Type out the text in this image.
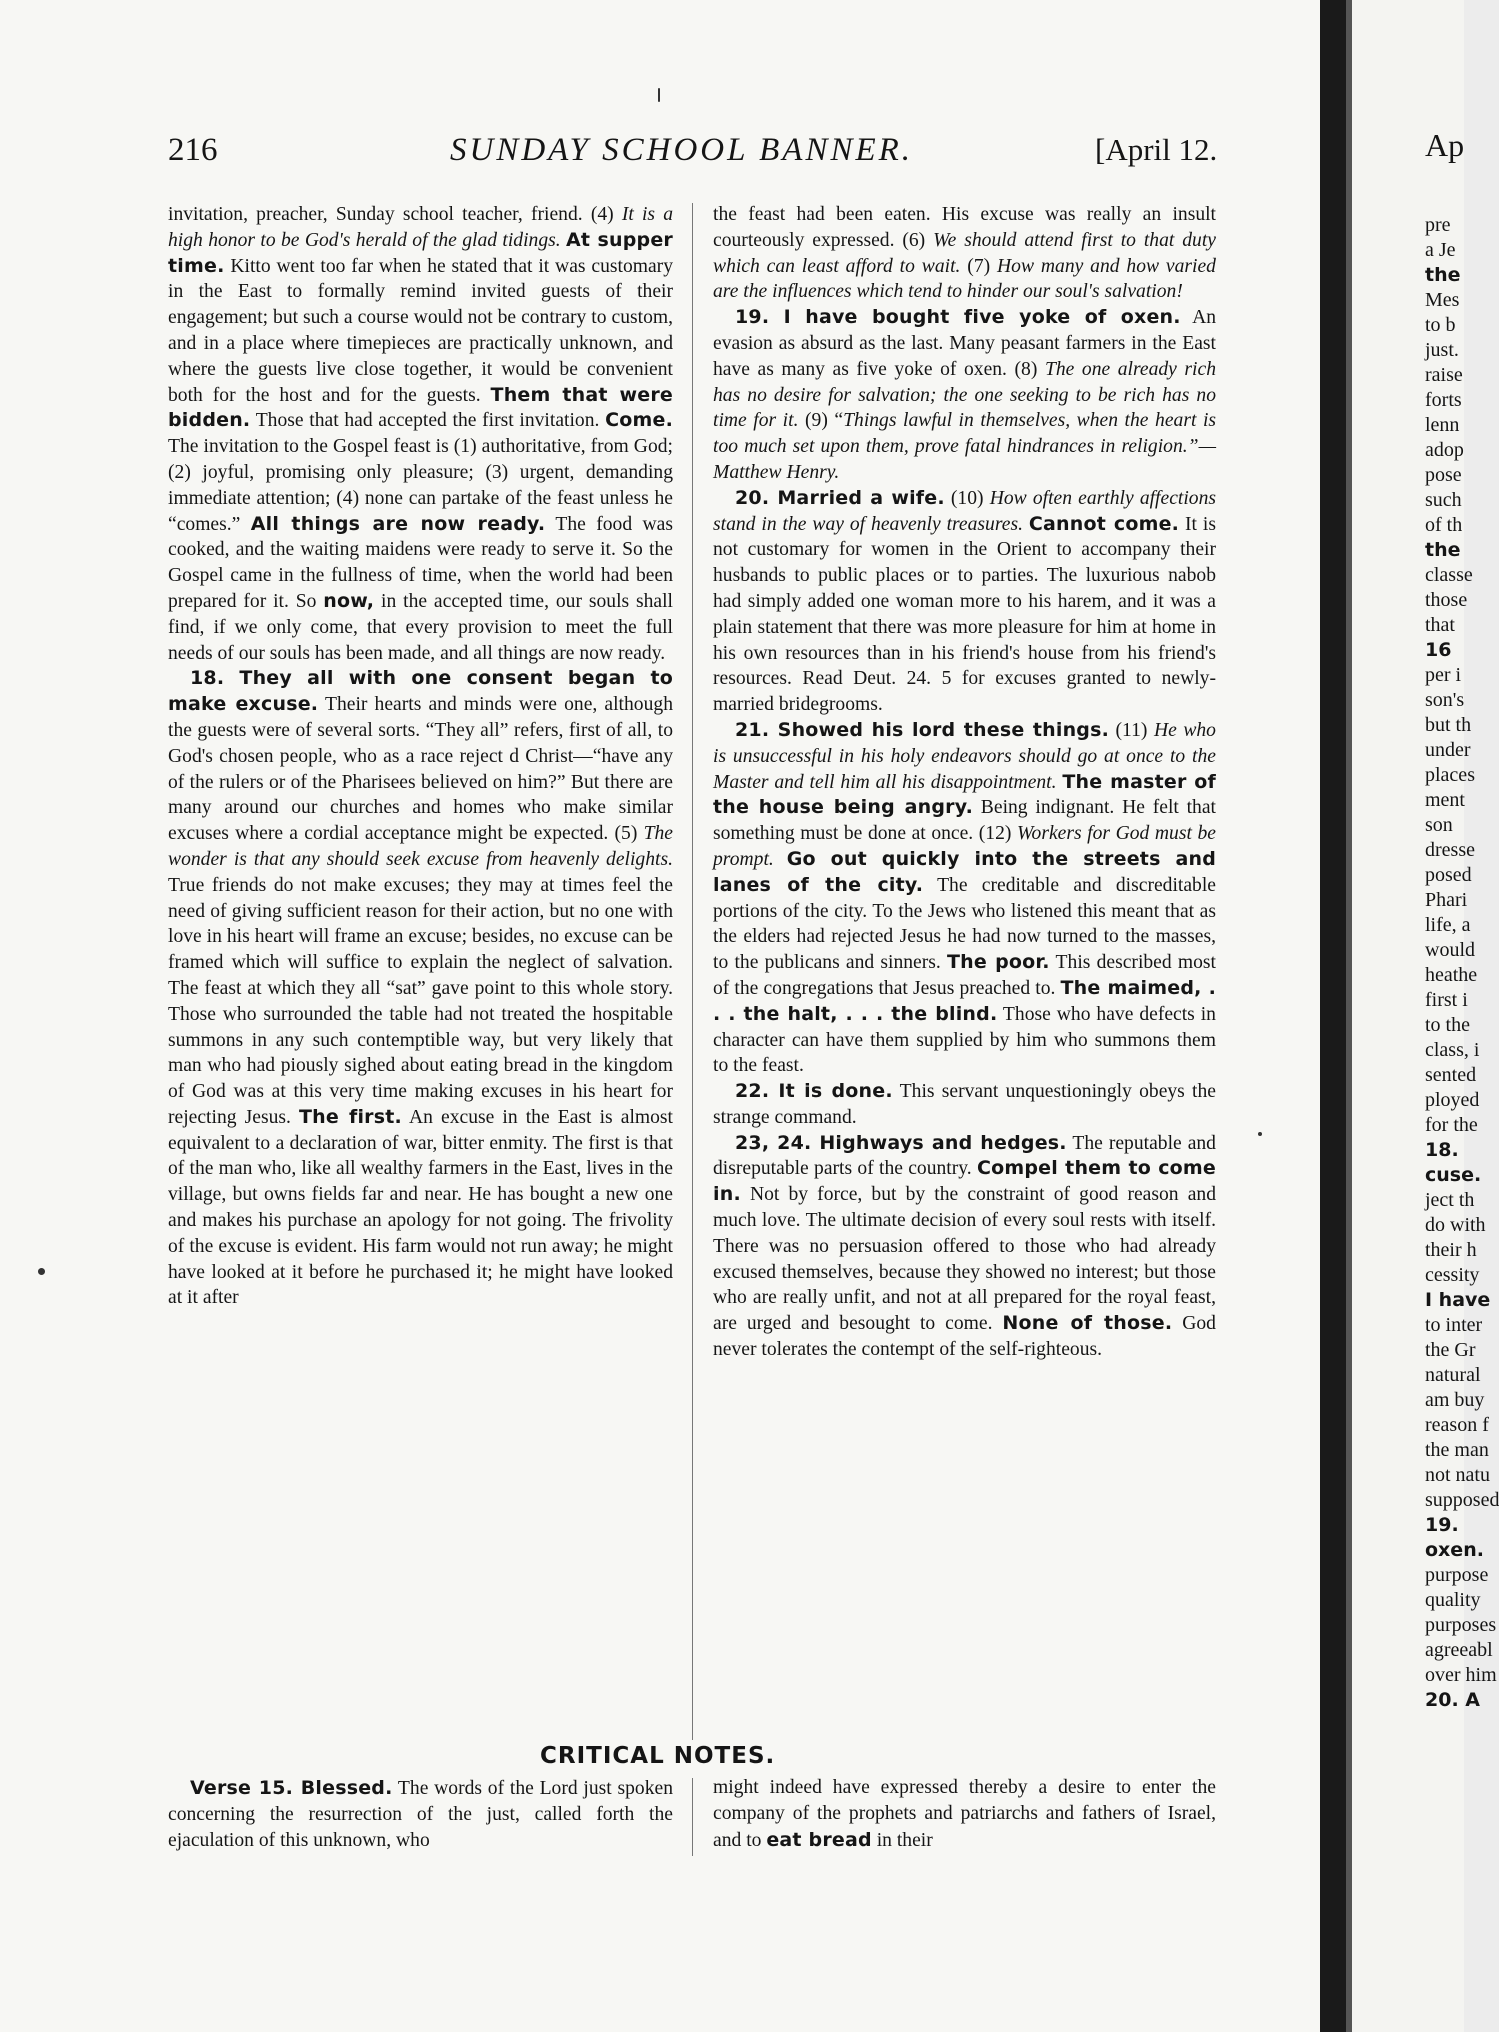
216	SUNDAY SCHOOL BANNER.	[April 12.

invitation, preacher, Sunday school teacher, friend. (4) It is a high honor to be God's herald of the glad tidings. At supper time. Kitto went too far when he stated that it was customary in the East to formally remind invited guests of their engagement; but such a course would not be contrary to custom, and in a place where timepieces are practically unknown, and where the guests live close together, it would be convenient both for the host and for the guests. Them that were bidden. Those that had accepted the first invitation. Come. The invitation to the Gospel feast is (1) authoritative, from God; (2) joyful, promising only pleasure; (3) urgent, demanding immediate attention; (4) none can partake of the feast unless he “comes.” All things are now ready. The food was cooked, and the waiting maidens were ready to serve it. So the Gospel came in the fullness of time, when the world had been prepared for it. So now, in the accepted time, our souls shall find, if we only come, that every provision to meet the full needs of our souls has been made, and all things are now ready.

18. They all with one consent began to make excuse. Their hearts and minds were one, although the guests were of several sorts. “They all” refers, first of all, to God's chosen people, who as a race reject d Christ—“have any of the rulers or of the Pharisees believed on him?” But there are many around our churches and homes who make similar excuses where a cordial acceptance might be expected. (5) The wonder is that any should seek excuse from heavenly delights. True friends do not make excuses; they may at times feel the need of giving sufficient reason for their action, but no one with love in his heart will frame an excuse; besides, no excuse can be framed which will suffice to explain the neglect of salvation. The feast at which they all “sat” gave point to this whole story. Those who surrounded the table had not treated the hospitable summons in any such contemptible way, but very likely that man who had piously sighed about eating bread in the kingdom of God was at this very time making excuses in his heart for rejecting Jesus. The first. An excuse in the East is almost equivalent to a declaration of war, bitter enmity. The first is that of the man who, like all wealthy farmers in the East, lives in the village, but owns fields far and near. He has bought a new one and makes his purchase an apology for not going. The frivolity of the excuse is evident. His farm would not run away; he might have looked at it before he purchased it; he might have looked at it after

the feast had been eaten. His excuse was really an insult courteously expressed. (6) We should attend first to that duty which can least afford to wait. (7) How many and how varied are the influences which tend to hinder our soul's salvation!

19. I have bought five yoke of oxen. An evasion as absurd as the last. Many peasant farmers in the East have as many as five yoke of oxen. (8) The one already rich has no desire for salvation; the one seeking to be rich has no time for it. (9) “Things lawful in themselves, when the heart is too much set upon them, prove fatal hindrances in religion.”—Matthew Henry.

20. Married a wife. (10) How often earthly affections stand in the way of heavenly treasures. Cannot come. It is not customary for women in the Orient to accompany their husbands to public places or to parties. The luxurious nabob had simply added one woman more to his harem, and it was a plain statement that there was more pleasure for him at home in his own resources than in his friend's house from his friend's resources. Read Deut. 24. 5 for excuses granted to newly-married bridegrooms.

21. Showed his lord these things. (11) He who is unsuccessful in his holy endeavors should go at once to the Master and tell him all his disappointment. The master of the house being angry. Being indignant. He felt that something must be done at once. (12) Workers for God must be prompt. Go out quickly into the streets and lanes of the city. The creditable and discreditable portions of the city. To the Jews who listened this meant that as the elders had rejected Jesus he had now turned to the masses, to the publicans and sinners. The poor. This described most of the congregations that Jesus preached to. The maimed, . . . the halt, . . . the blind. Those who have defects in character can have them supplied by him who summons them to the feast.

22. It is done. This servant unquestioningly obeys the strange command.

23, 24. Highways and hedges. The reputable and disreputable parts of the country. Compel them to come in. Not by force, but by the constraint of good reason and much love. The ultimate decision of every soul rests with itself. There was no persuasion offered to those who had already excused themselves, because they showed no interest; but those who are really unfit, and not at all prepared for the royal feast, are urged and besought to come. None of those. God never tolerates the contempt of the self-righteous.

CRITICAL NOTES.
Verse 15. Blessed. The words of the Lord just spoken concerning the resurrection of the just, called forth the ejaculation of this unknown, who
might indeed have expressed thereby a desire to enter the company of the prophets and patriarchs and fathers of Israel, and to eat bread in their
Ap
pre
a Je
the
Mes
to b
just.
raise
forts
lenn
adop
pose
such
of th
the
classe
those
that
16
per i
son's
but th
under
places
ment
son
dresse
posed
Phari
life, a
would
heathe
first i
to the
class, i
sented
ployed
for the
18.
cuse.
ject th
do with
their h
cessity
I have
to inter
the Gr
natural
am buy
reason f
the man
not natu
supposed
19.
oxen.
purpose
quality
purposes
agreeabl
over him
20. A
